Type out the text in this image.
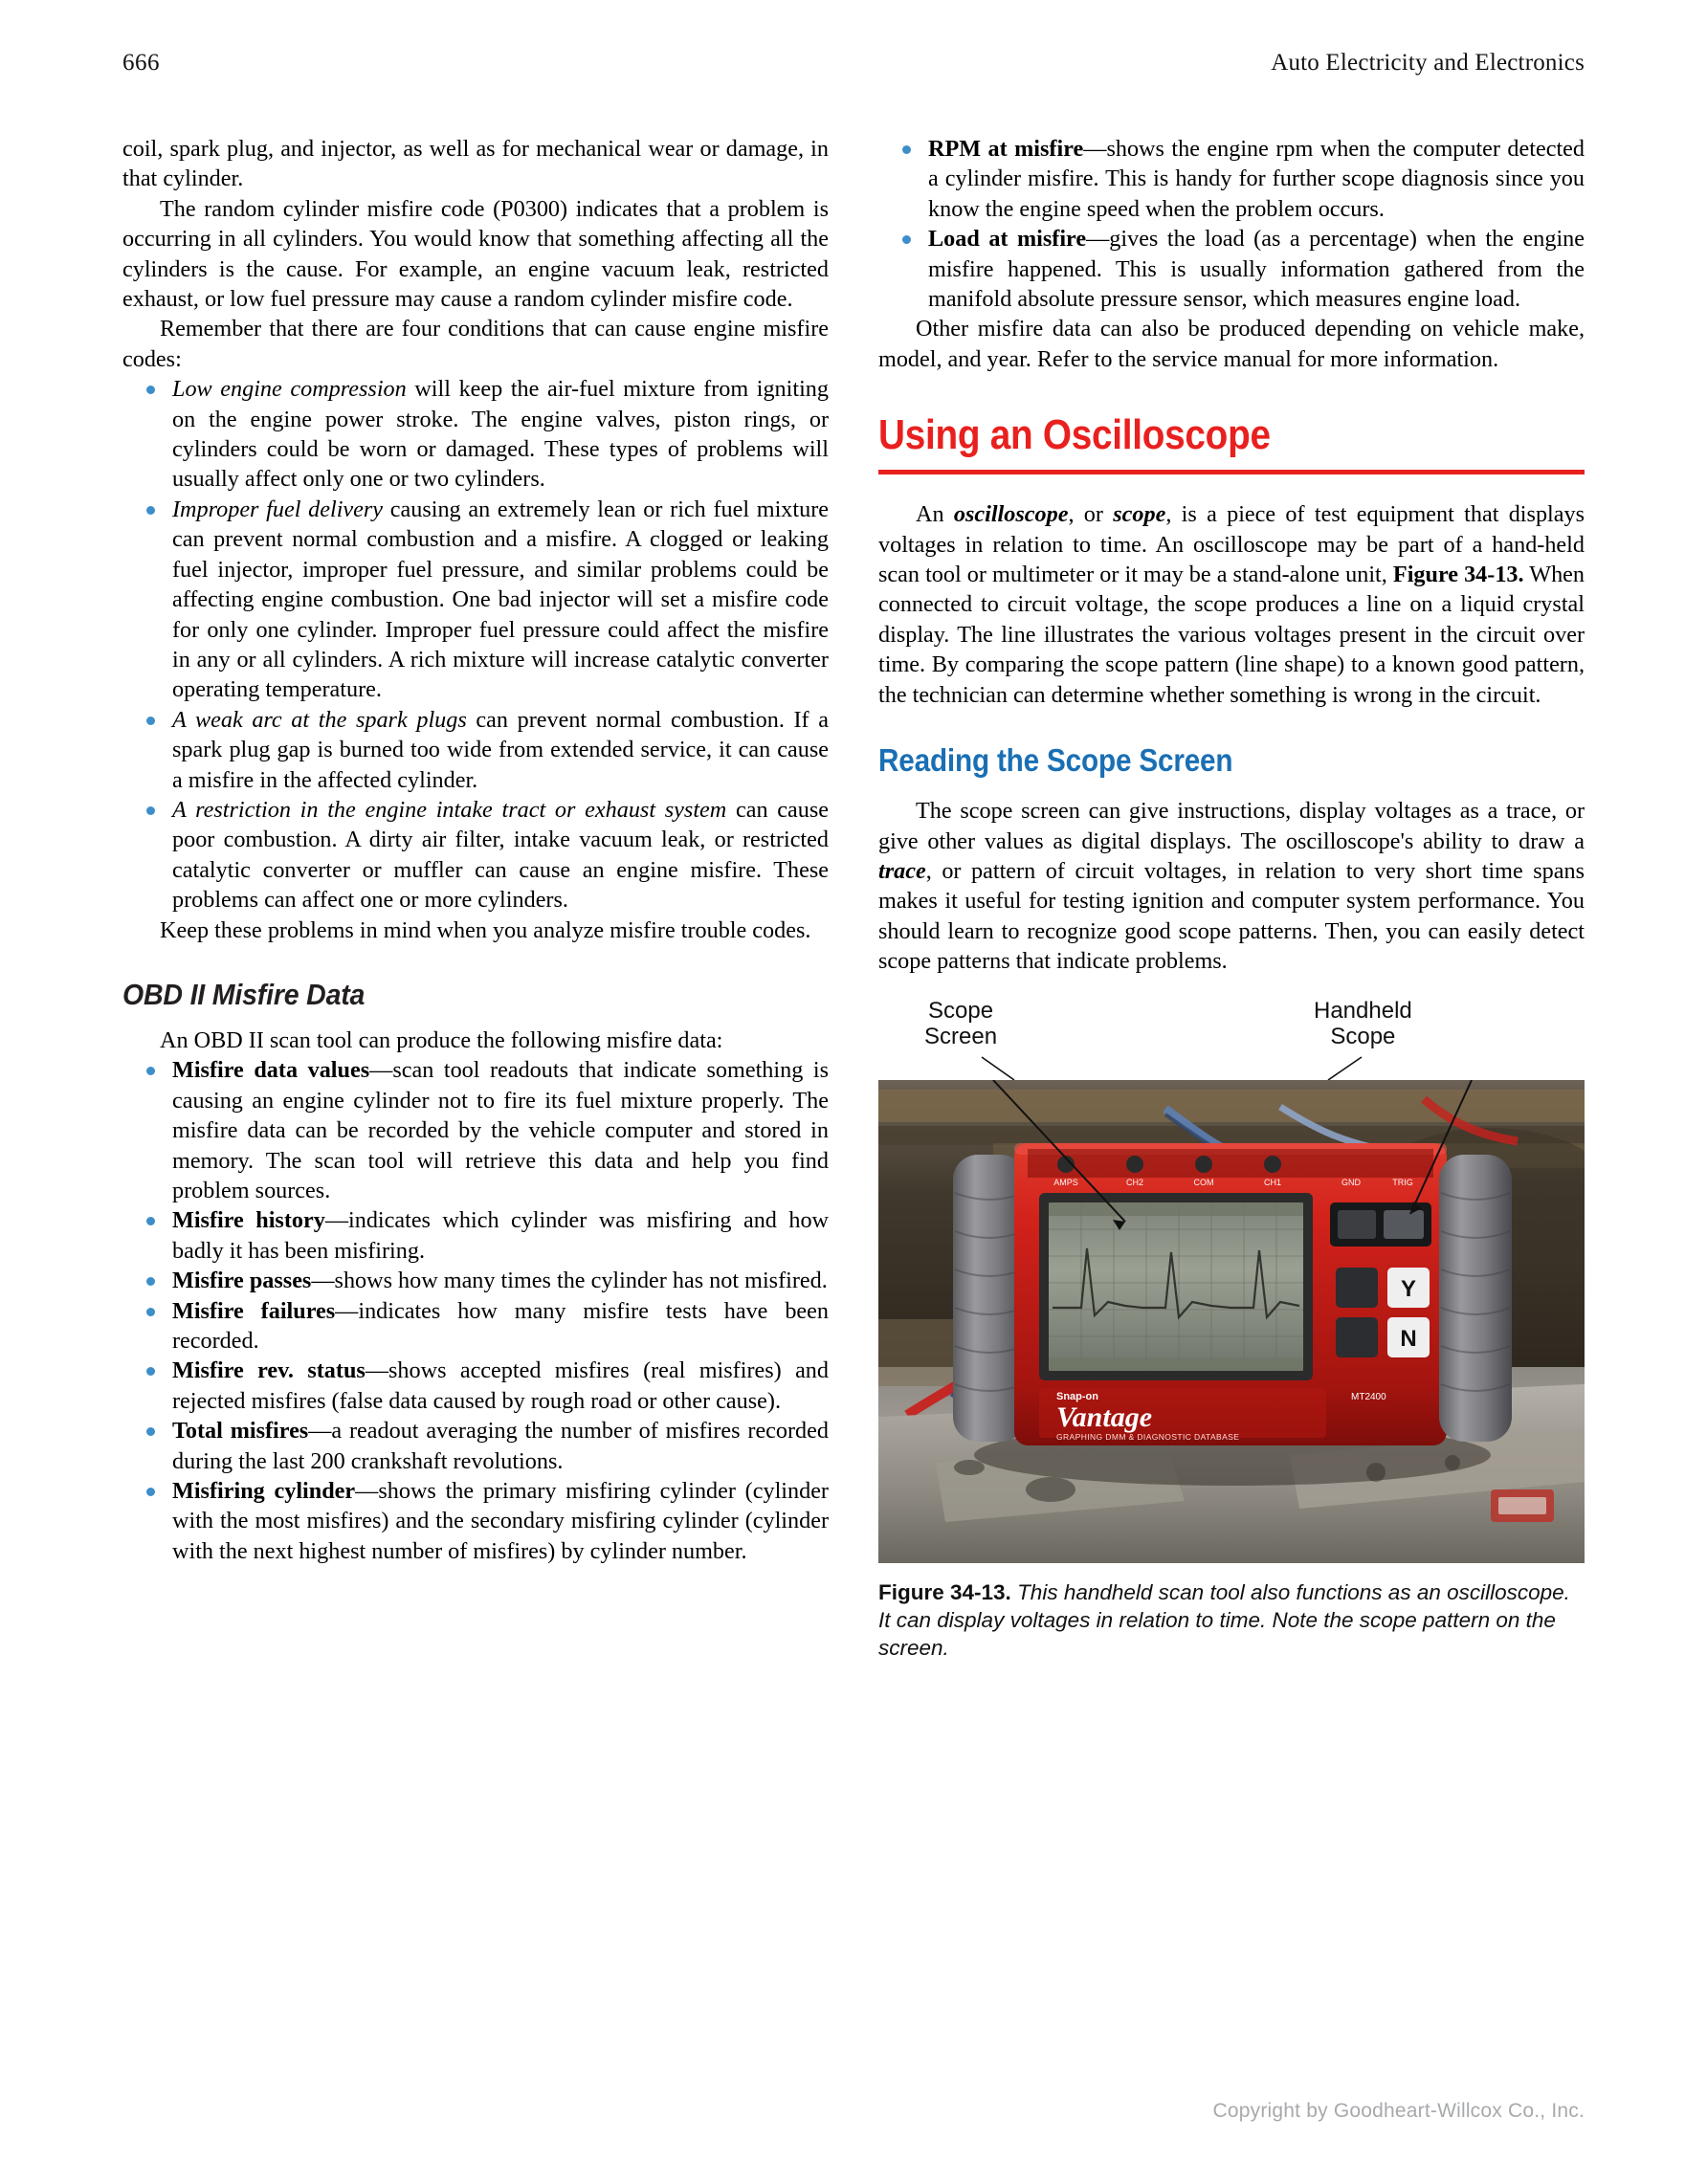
666	Auto Electricity and Electronics

coil, spark plug, and injector, as well as for mechanical wear or damage, in that cylinder.

The random cylinder misfire code (P0300) indicates that a problem is occurring in all cylinders. You would know that something affecting all the cylinders is the cause. For example, an engine vacuum leak, restricted exhaust, or low fuel pressure may cause a random cylinder misfire code.

Remember that there are four conditions that can cause engine misfire codes:

Low engine compression will keep the air-fuel mixture from igniting on the engine power stroke. The engine valves, piston rings, or cylinders could be worn or damaged. These types of problems will usually affect only one or two cylinders.
Improper fuel delivery causing an extremely lean or rich fuel mixture can prevent normal combustion and a misfire. A clogged or leaking fuel injector, improper fuel pressure, and similar problems could be affecting engine combustion. One bad injector will set a misfire code for only one cylinder. Improper fuel pressure could affect the misfire in any or all cylinders. A rich mixture will increase catalytic converter operating temperature.
A weak arc at the spark plugs can prevent normal combustion. If a spark plug gap is burned too wide from extended service, it can cause a misfire in the affected cylinder.
A restriction in the engine intake tract or exhaust system can cause poor combustion. A dirty air filter, intake vacuum leak, or restricted catalytic converter or muffler can cause an engine misfire. These problems can affect one or more cylinders.

Keep these problems in mind when you analyze misfire trouble codes.

OBD II Misfire Data

An OBD II scan tool can produce the following misfire data:

Misfire data values—scan tool readouts that indicate something is causing an engine cylinder not to fire its fuel mixture properly. The misfire data can be recorded by the vehicle computer and stored in memory. The scan tool will retrieve this data and help you find problem sources.
Misfire history—indicates which cylinder was misfiring and how badly it has been misfiring.
Misfire passes—shows how many times the cylinder has not misfired.
Misfire failures—indicates how many misfire tests have been recorded.
Misfire rev. status—shows accepted misfires (real misfires) and rejected misfires (false data caused by rough road or other cause).
Total misfires—a readout averaging the number of misfires recorded during the last 200 crankshaft revolutions.
Misfiring cylinder—shows the primary misfiring cylinder (cylinder with the most misfires) and the secondary misfiring cylinder (cylinder with the next highest number of misfires) by cylinder number.
RPM at misfire—shows the engine rpm when the computer detected a cylinder misfire. This is handy for further scope diagnosis since you know the engine speed when the problem occurs.
Load at misfire—gives the load (as a percentage) when the engine misfire happened. This is usually information gathered from the manifold absolute pressure sensor, which measures engine load.

Other misfire data can also be produced depending on vehicle make, model, and year. Refer to the service manual for more information.

Using an Oscilloscope

An oscilloscope, or scope, is a piece of test equipment that displays voltages in relation to time. An oscilloscope may be part of a hand-held scan tool or multimeter or it may be a stand-alone unit, Figure 34-13. When connected to circuit voltage, the scope produces a line on a liquid crystal display. The line illustrates the various voltages present in the circuit over time. By comparing the scope pattern (line shape) to a known good pattern, the technician can determine whether something is wrong in the circuit.

Reading the Scope Screen

The scope screen can give instructions, display voltages as a trace, or give other values as digital displays. The oscilloscope's ability to draw a trace, or pattern of circuit voltages, in relation to very short time spans makes it useful for testing ignition and computer system performance. You should learn to recognize good scope patterns. Then, you can easily detect scope patterns that indicate problems.

Scope
Screen
Handheld
Scope
AMPS	CH2	COM	CH1	GND	TRIG
Y
N
Snap-on
Vantage
GRAPHING DMM & DIAGNOSTIC DATABASE
MT2400
Figure 34-13. This handheld scan tool also functions as an oscilloscope. It can display voltages in relation to time. Note the scope pattern on the screen.
Copyright by Goodheart-Willcox Co., Inc.
